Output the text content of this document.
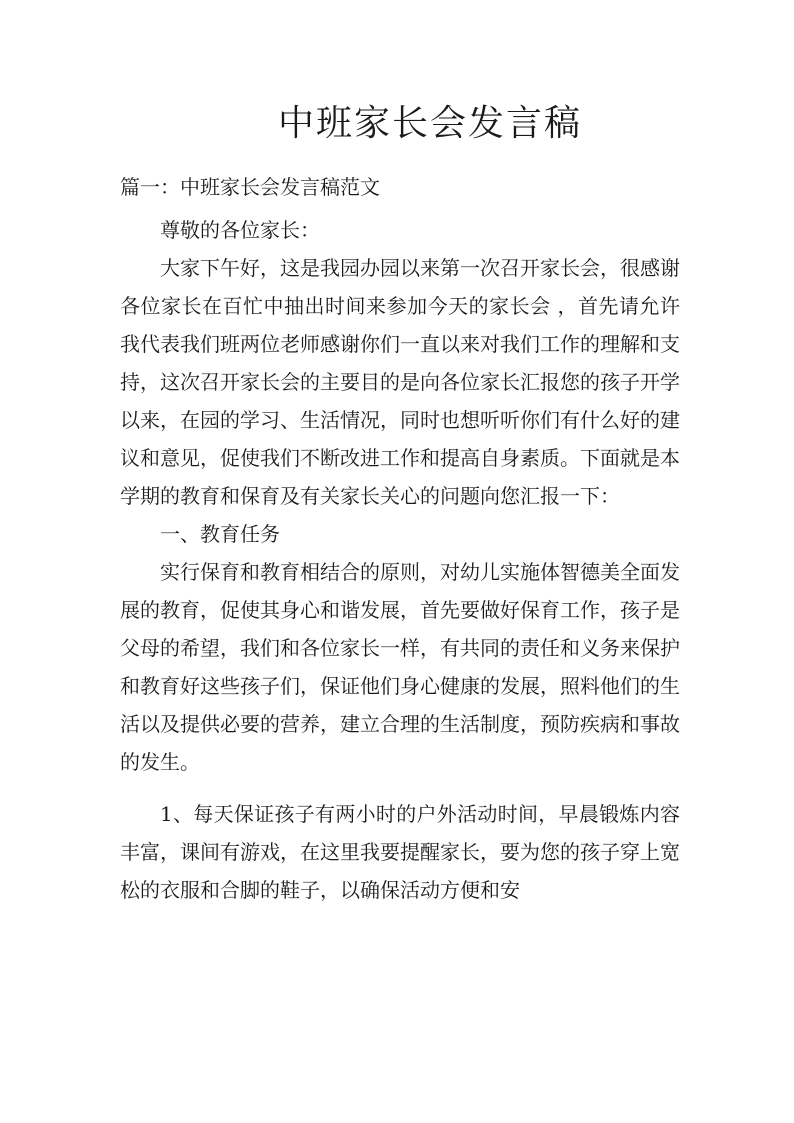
中班家长会发言稿
篇一：中班家长会发言稿范文

尊敬的各位家长：

大家下午好，这是我园办园以来第一次召开家长会，很感谢各位家长在百忙中抽出时间来参加今天的家长会 ，首先请允许我代表我们班两位老师感谢你们一直以来对我们工作的理解和支持，这次召开家长会的主要目的是向各位家长汇报您的孩子开学以来，在园的学习、生活情况，同时也想听听你们有什么好的建议和意见，促使我们不断改进工作和提高自身素质。下面就是本学期的教育和保育及有关家长关心的问题向您汇报一下：

一、教育任务

实行保育和教育相结合的原则，对幼儿实施体智德美全面发展的教育，促使其身心和谐发展，首先要做好保育工作，孩子是父母的希望，我们和各位家长一样，有共同的责任和义务来保护和教育好这些孩子们，保证他们身心健康的发展，照料他们的生活以及提供必要的营养，建立合理的生活制度，预防疾病和事故的发生。

1、每天保证孩子有两小时的户外活动时间，早晨锻炼内容丰富，课间有游戏，在这里我要提醒家长，要为您的孩子穿上宽松的衣服和合脚的鞋子，以确保活动方便和安
